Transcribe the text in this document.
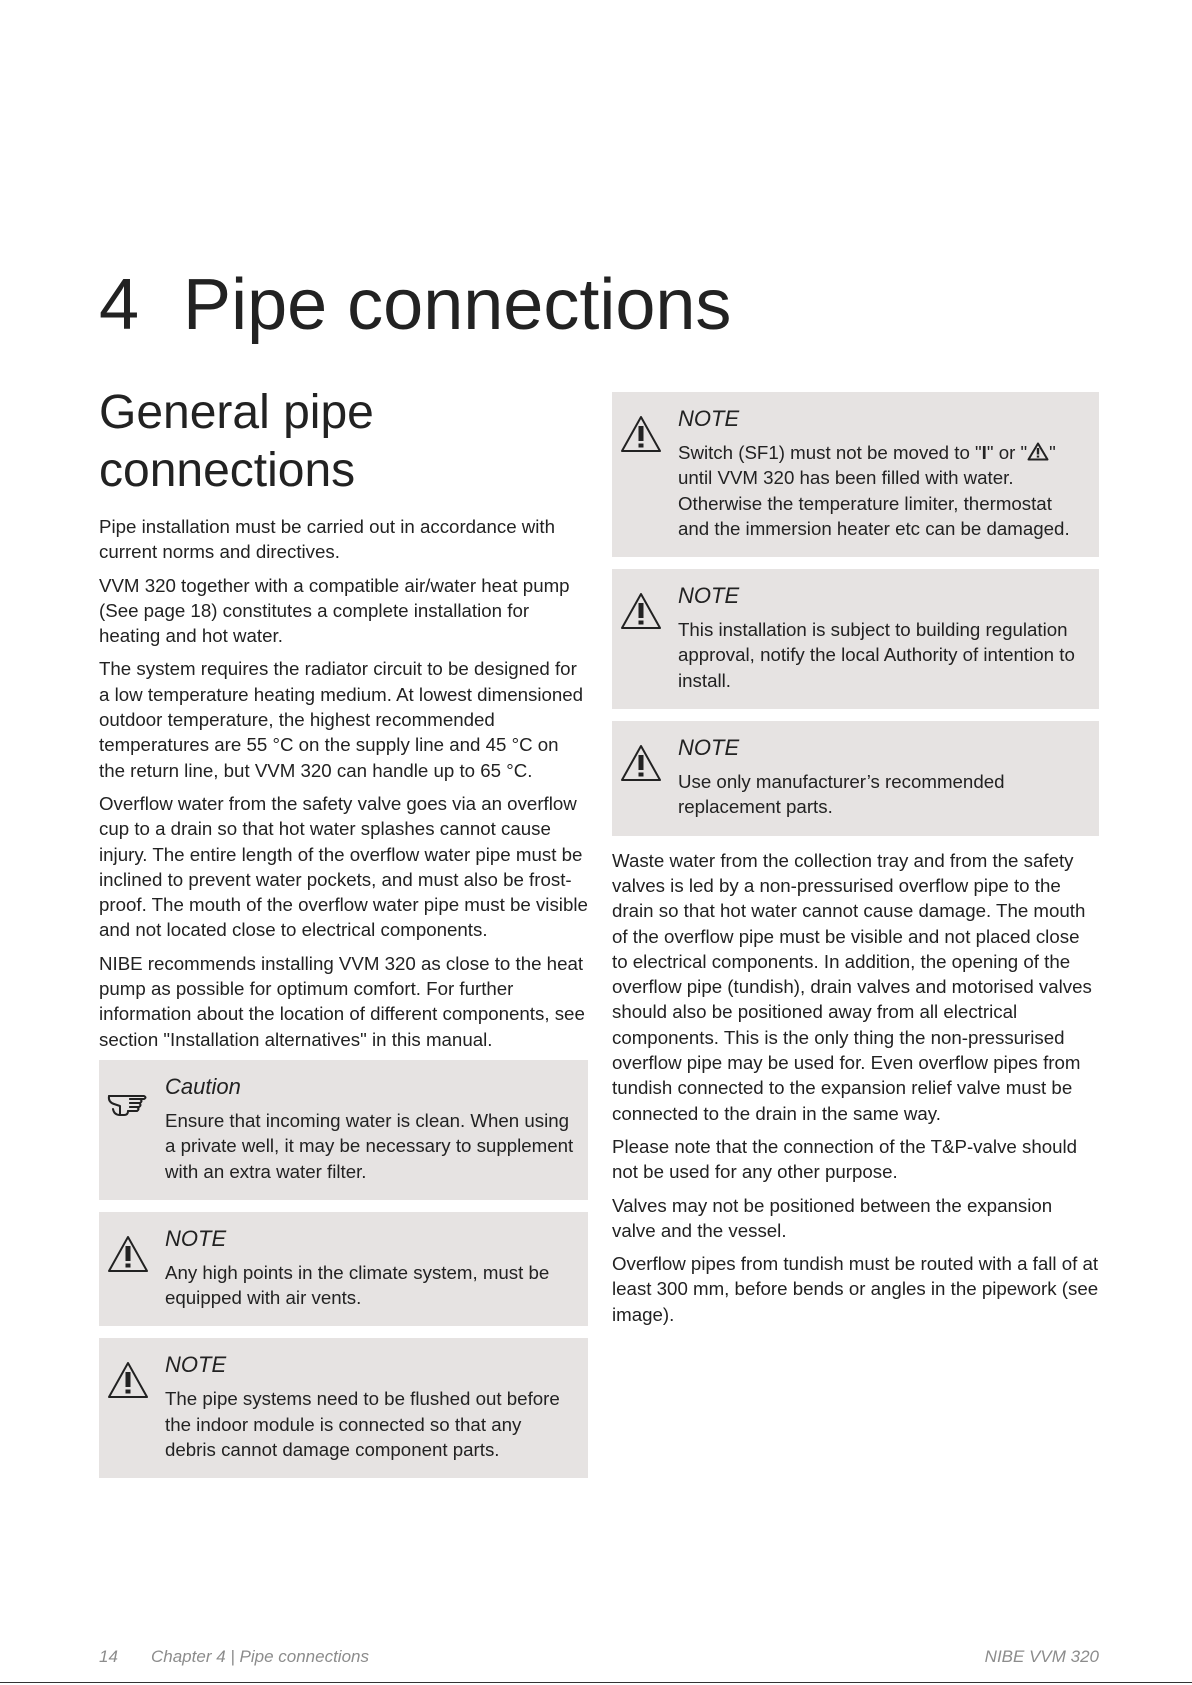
4 Pipe connections
General pipe connections

Pipe installation must be carried out in accordance with current norms and directives.

VVM 320 together with a compatible air/water heat pump (See page 18) constitutes a complete installation for heating and hot water.

The system requires the radiator circuit to be designed for a low temperature heating medium. At lowest dimensioned outdoor temperature, the highest recommended temperatures are 55 °C on the supply line and 45 °C on the return line, but VVM 320 can handle up to 65 °C.

Overflow water from the safety valve goes via an overflow cup to a drain so that hot water splashes cannot cause injury. The entire length of the overflow water pipe must be inclined to prevent water pockets, and must also be frost-proof. The mouth of the overflow water pipe must be visible and not located close to electrical components.

NIBE recommends installing VVM 320 as close to the heat pump as possible for optimum comfort. For further information about the location of different components, see section "Installation alternatives" in this manual.

Caution
Ensure that incoming water is clean. When using a private well, it may be necessary to supplement with an extra water filter.
NOTE
Any high points in the climate system, must be equipped with air vents.
NOTE
The pipe systems need to be flushed out before the indoor module is connected so that any debris cannot damage component parts.
NOTE
Switch (SF1) must not be moved to "I" or " " until VVM 320 has been filled with water. Otherwise the temperature limiter, thermostat and the immersion heater etc can be damaged.
NOTE
This installation is subject to building regulation approval, notify the local Authority of intention to install.
NOTE
Use only manufacturer’s recommended replacement parts.

Waste water from the collection tray and from the safety valves is led by a non-pressurised overflow pipe to the drain so that hot water cannot cause damage. The mouth of the overflow pipe must be visible and not placed close to electrical components. In addition, the opening of the overflow pipe (tundish), drain valves and motorised valves should also be positioned away from all electrical components. This is the only thing the non-pressurised overflow pipe may be used for. Even overflow pipes from tundish connected to the expansion relief valve must be connected to the drain in the same way.

Please note that the connection of the T&P-valve should not be used for any other purpose.

Valves may not be positioned between the expansion valve and the vessel.

Overflow pipes from tundish must be routed with a fall of at least 300 mm, before bends or angles in the pipework (see image).

14 Chapter 4 | Pipe connections	NIBE VVM 320
